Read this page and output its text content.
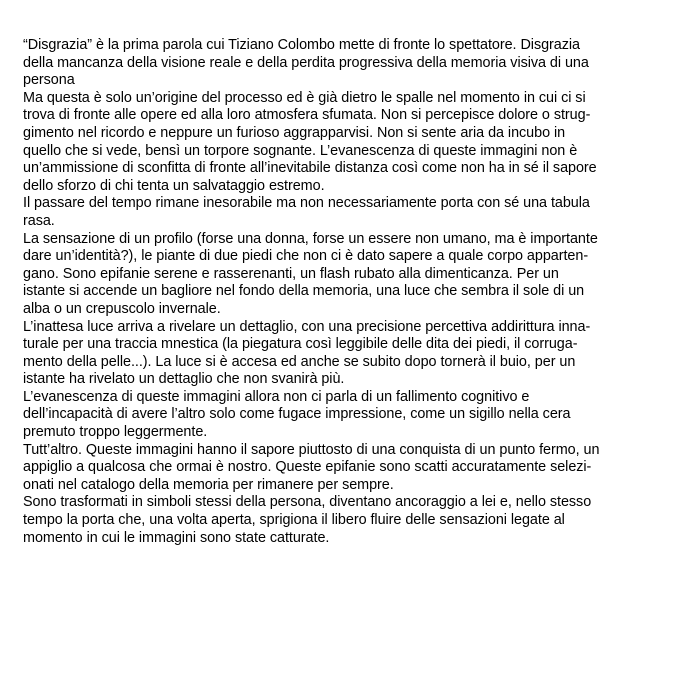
“Disgrazia” è la prima parola cui Tiziano Colombo mette di fronte lo spettatore. Disgrazia
della mancanza della visione reale e della perdita progressiva della memoria visiva di una
persona
Ma questa è solo un’origine del processo ed è già dietro le spalle nel momento in cui ci si
trova di fronte alle opere ed alla loro atmosfera sfumata. Non si percepisce dolore o strug-
gimento nel ricordo e neppure un furioso aggrapparvisi. Non si sente aria da incubo in
quello che si vede, bensì un torpore sognante. L’evanescenza di queste immagini non è
un’ammissione di sconfitta di fronte all’inevitabile distanza così come non ha in sé il sapore
dello sforzo di chi tenta un salvataggio estremo.
Il passare del tempo rimane inesorabile ma non necessariamente porta con sé una tabula
rasa.
La sensazione di un profilo (forse una donna, forse un essere non umano, ma è importante
dare un’identità?), le piante di due piedi che non ci è dato sapere a quale corpo apparten-
gano. Sono epifanie serene e rasserenanti, un flash rubato alla dimenticanza. Per un
istante si accende un bagliore nel fondo della memoria, una luce che sembra il sole di un
alba o un crepuscolo invernale.
L’inattesa luce arriva a rivelare un dettaglio, con una precisione percettiva addirittura inna-
turale per una traccia mnestica (la piegatura così leggibile delle dita dei piedi, il corruga-
mento della pelle...). La luce si è accesa ed anche se subito dopo tornerà il buio, per un
istante ha rivelato un dettaglio che non svanirà più.
L’evanescenza di queste immagini allora non ci parla di un fallimento cognitivo e
dell’incapacità di avere l’altro solo come fugace impressione, come un sigillo nella cera
premuto troppo leggermente.
Tutt’altro. Queste immagini hanno il sapore piuttosto di una conquista di un punto fermo, un
appiglio a qualcosa che ormai è nostro. Queste epifanie sono scatti accuratamente selezi-
onati nel catalogo della memoria per rimanere per sempre.
Sono trasformati in simboli stessi della persona, diventano ancoraggio a lei e, nello stesso
tempo la porta che, una volta aperta, sprigiona il libero fluire delle sensazioni legate al
momento in cui le immagini sono state catturate.
